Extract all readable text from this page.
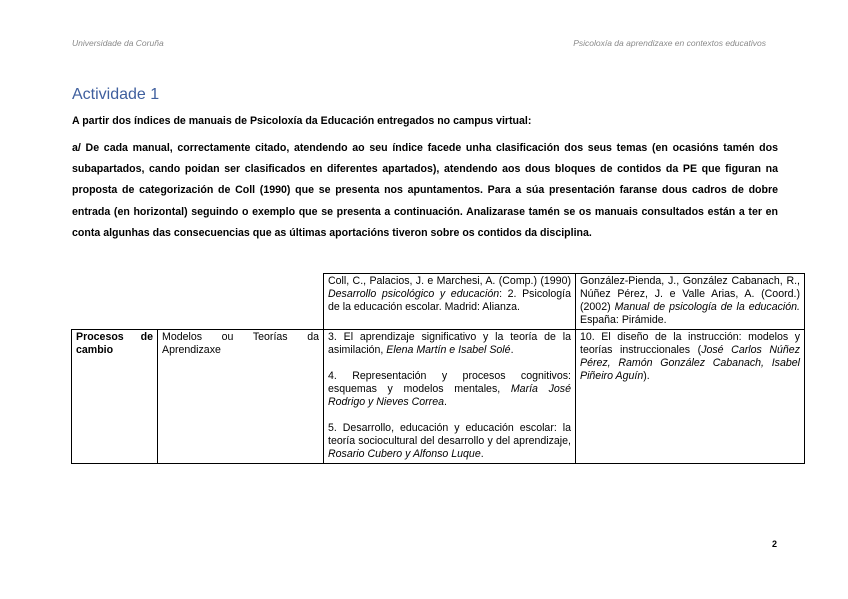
Universidade da Coruña	Psicoloxía da aprendizaxe en contextos educativos
Actividade 1

A partir dos índices de manuais de Psicoloxía da Educación entregados no campus virtual:

a/ De cada manual, correctamente citado, atendendo ao seu índice facede unha clasificación dos seus temas (en ocasións tamén dos subapartados, cando poidan ser clasificados en diferentes apartados), atendendo aos dous bloques de contidos da PE que figuran na proposta de categorización de Coll (1990) que se presenta nos apuntamentos. Para a súa presentación faranse dous cadros de dobre entrada (en horizontal) seguindo o exemplo que se presenta a continuación. Analizarase tamén se os manuais consultados están a ter en conta algunhas das consecuencias que as últimas aportacións tiveron sobre os contidos da disciplina.

		Coll, C., Palacios, J. e Marchesi, A. (Comp.) (1990) Desarrollo psicológico y educación: 2. Psicología de la educación escolar. Madrid: Alianza.	González-Pienda, J., González Cabanach, R., Núñez Pérez, J. e Valle Arias, A. (Coord.) (2002) Manual de psicología de la educación. España: Pirámide.
Procesos de cambio	Modelos ou Teorías da Aprendizaxe	3. El aprendizaje significativo y la teoría de la asimilación, Elena Martín e Isabel Solé.

4. Representación y procesos cognitivos: esquemas y modelos mentales, María José Rodrigo y Nieves Correa.

5. Desarrollo, educación y educación escolar: la teoría sociocultural del desarrollo y del aprendizaje, Rosario Cubero y Alfonso Luque.	10. El diseño de la instrucción: modelos y teorías instruccionales (José Carlos Núñez Pérez, Ramón González Cabanach, Isabel Piñeiro Aguín).

2
